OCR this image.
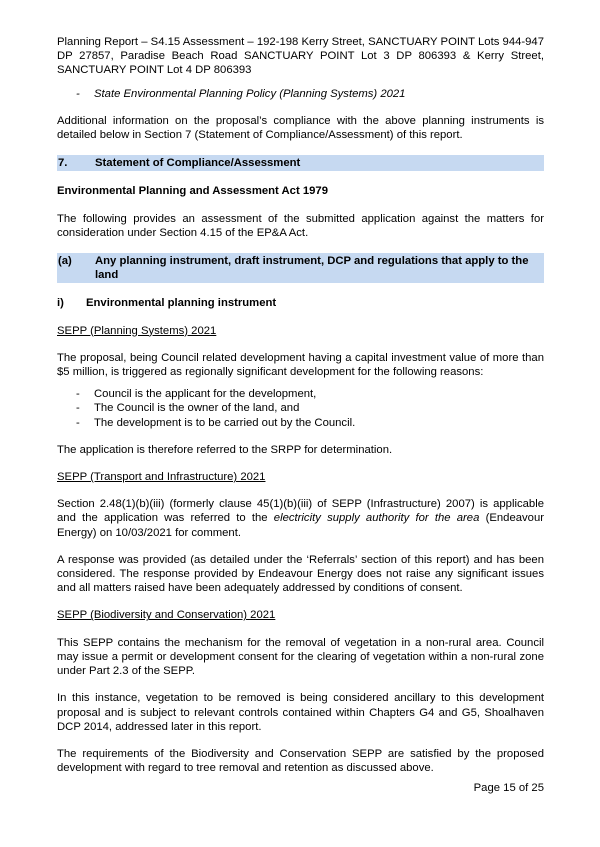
Planning Report – S4.15 Assessment – 192-198 Kerry Street, SANCTUARY POINT Lots 944-947 DP 27857, Paradise Beach Road SANCTUARY POINT Lot 3 DP 806393 & Kerry Street, SANCTUARY POINT Lot 4 DP 806393

- State Environmental Planning Policy (Planning Systems) 2021

Additional information on the proposal’s compliance with the above planning instruments is detailed below in Section 7 (Statement of Compliance/Assessment) of this report.

7.	Statement of Compliance/Assessment

Environmental Planning and Assessment Act 1979

The following provides an assessment of the submitted application against the matters for consideration under Section 4.15 of the EP&A Act.

(a)	Any planning instrument, draft instrument, DCP and regulations that apply to the land
i)	Environmental planning instrument

SEPP (Planning Systems) 2021

The proposal, being Council related development having a capital investment value of more than $5 million, is triggered as regionally significant development for the following reasons:

- Council is the applicant for the development,
- The Council is the owner of the land, and
- The development is to be carried out by the Council.

The application is therefore referred to the SRPP for determination.

SEPP (Transport and Infrastructure) 2021

Section 2.48(1)(b)(iii) (formerly clause 45(1)(b)(iii) of SEPP (Infrastructure) 2007) is applicable and the application was referred to the electricity supply authority for the area (Endeavour Energy) on 10/03/2021 for comment.

A response was provided (as detailed under the ‘Referrals’ section of this report) and has been considered. The response provided by Endeavour Energy does not raise any significant issues and all matters raised have been adequately addressed by conditions of consent.

SEPP (Biodiversity and Conservation) 2021

This SEPP contains the mechanism for the removal of vegetation in a non-rural area. Council may issue a permit or development consent for the clearing of vegetation within a non-rural zone under Part 2.3 of the SEPP.

In this instance, vegetation to be removed is being considered ancillary to this development proposal and is subject to relevant controls contained within Chapters G4 and G5, Shoalhaven DCP 2014, addressed later in this report.

The requirements of the Biodiversity and Conservation SEPP are satisfied by the proposed development with regard to tree removal and retention as discussed above.

Page 15 of 25
